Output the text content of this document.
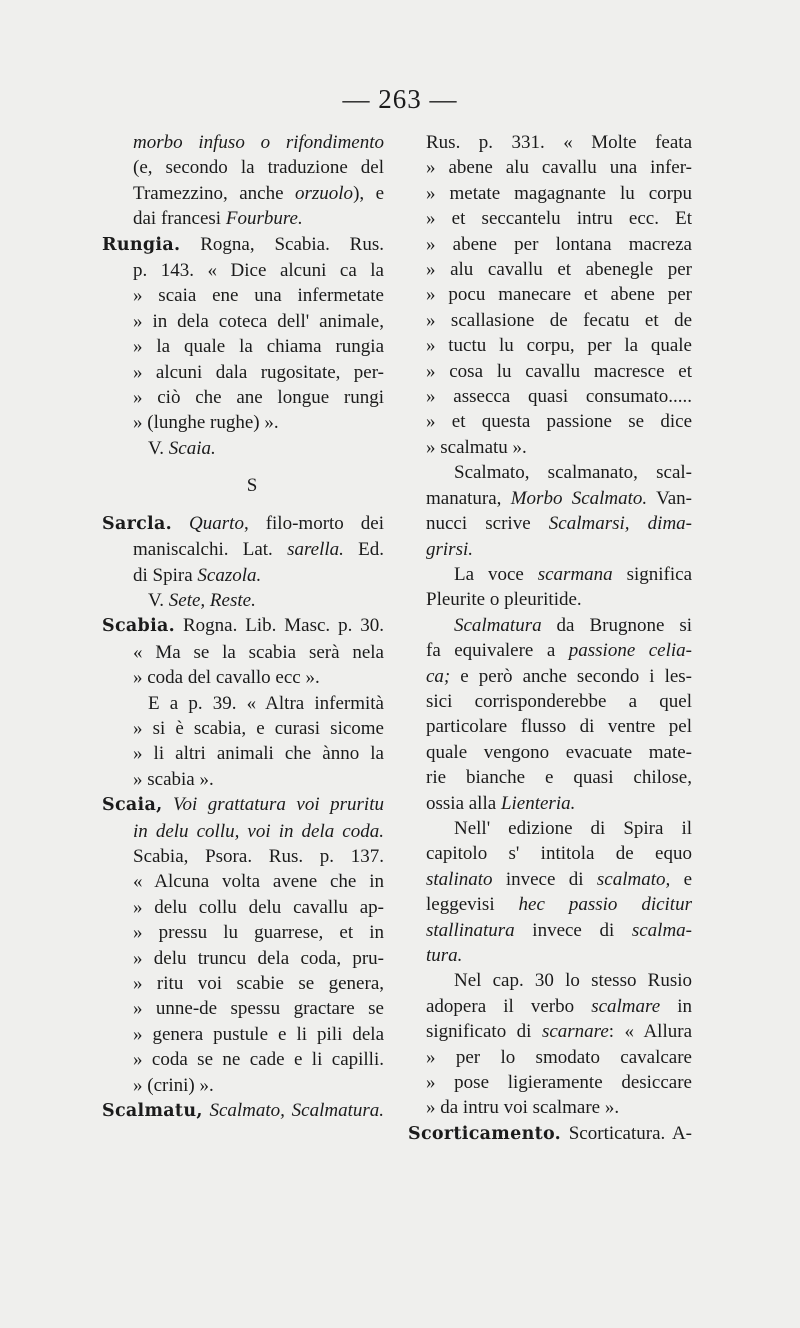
— 263 —
morbo infuso o rifondimento
(e, secondo la traduzione del
Tramezzino, anche orzuolo), e
dai francesi Fourbure.
Rungia. Rogna, Scabia. Rus.
p. 143. « Dice alcuni ca la
» scaia ene una infermetate
» in dela coteca dell' animale,
» la quale la chiama rungia
» alcuni dala rugositate, per-
» ciò che ane longue rungi
» (lunghe rughe) ».
V. Scaia.
S
Sarcla. Quarto, filo-morto dei
maniscalchi. Lat. sarella. Ed.
di Spira Scazola.
V. Sete, Reste.
Scabia. Rogna. Lib. Masc. p. 30.
« Ma se la scabia serà nela
» coda del cavallo ecc ».
E a p. 39. « Altra infermità
» si è scabia, e curasi sicome
» li altri animali che ànno la
» scabia ».
Scaia, Voi grattatura voi pruritu
in delu collu, voi in dela coda.
Scabia, Psora. Rus. p. 137.
« Alcuna volta avene che in
» delu collu delu cavallu ap-
» pressu lu guarrese, et in
» delu truncu dela coda, pru-
» ritu voi scabie se genera,
» unne-de spessu gractare se
» genera pustule e li pili dela
» coda se ne cade e li capilli.
» (crini) ».
Scalmatu, Scalmato, Scalmatura.
Rus. p. 331. « Molte feata
» abene alu cavallu una infer-
» metate magagnante lu corpu
» et seccantelu intru ecc. Et
» abene per lontana macreza
» alu cavallu et abenegle per
» pocu manecare et abene per
» scallasione de fecatu et de
» tuctu lu corpu, per la quale
» cosa lu cavallu macresce et
» assecca quasi consumato.....
» et questa passione se dice
» scalmatu ».
Scalmato, scalmanato, scal-
manatura, Morbo Scalmato. Van-
nucci scrive Scalmarsi, dima-
grirsi.
La voce scarmana significa
Pleurite o pleuritide.
Scalmatura da Brugnone si
fa equivalere a passione celia-
ca; e però anche secondo i les-
sici corrisponderebbe a quel
particolare flusso di ventre pel
quale vengono evacuate mate-
rie bianche e quasi chilose,
ossia alla Lienteria.
Nell' edizione di Spira il
capitolo s' intitola de equo
stalinato invece di scalmato, e
leggevisi hec passio dicitur
stallinatura invece di scalma-
tura.
Nel cap. 30 lo stesso Rusio
adopera il verbo scalmare in
significato di scarnare: « Allura
» per lo smodato cavalcare
» pose ligieramente desiccare
» da intru voi scalmare ».
Scorticamento. Scorticatura. A-
